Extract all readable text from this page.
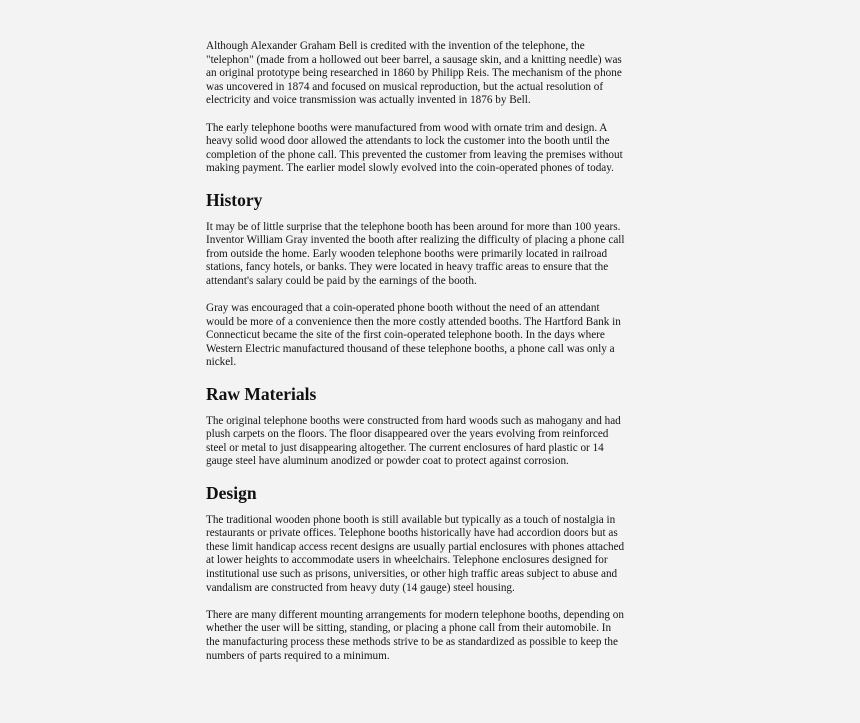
Although Alexander Graham Bell is credited with the invention of the telephone, the
"telephon" (made from a hollowed out beer barrel, a sausage skin, and a knitting needle) was
an original prototype being researched in 1860 by Philipp Reis. The mechanism of the phone
was uncovered in 1874 and focused on musical reproduction, but the actual resolution of
electricity and voice transmission was actually invented in 1876 by Bell.

The early telephone booths were manufactured from wood with ornate trim and design. A
heavy solid wood door allowed the attendants to lock the customer into the booth until the
completion of the phone call. This prevented the customer from leaving the premises without
making payment. The earlier model slowly evolved into the coin-operated phones of today.

History

It may be of little surprise that the telephone booth has been around for more than 100 years.
Inventor William Gray invented the booth after realizing the difficulty of placing a phone call
from outside the home. Early wooden telephone booths were primarily located in railroad
stations, fancy hotels, or banks. They were located in heavy traffic areas to ensure that the
attendant's salary could be paid by the earnings of the booth.

Gray was encouraged that a coin-operated phone booth without the need of an attendant
would be more of a convenience then the more costly attended booths. The Hartford Bank in
Connecticut became the site of the first coin-operated telephone booth. In the days where
Western Electric manufactured thousand of these telephone booths, a phone call was only a
nickel.

Raw Materials

The original telephone booths were constructed from hard woods such as mahogany and had
plush carpets on the floors. The floor disappeared over the years evolving from reinforced
steel or metal to just disappearing altogether. The current enclosures of hard plastic or 14
gauge steel have aluminum anodized or powder coat to protect against corrosion.

Design

The traditional wooden phone booth is still available but typically as a touch of nostalgia in
restaurants or private offices. Telephone booths historically have had accordion doors but as
these limit handicap access recent designs are usually partial enclosures with phones attached
at lower heights to accommodate users in wheelchairs. Telephone enclosures designed for
institutional use such as prisons, universities, or other high traffic areas subject to abuse and
vandalism are constructed from heavy duty (14 gauge) steel housing.

There are many different mounting arrangements for modern telephone booths, depending on
whether the user will be sitting, standing, or placing a phone call from their automobile. In
the manufacturing process these methods strive to be as standardized as possible to keep the
numbers of parts required to a minimum.
